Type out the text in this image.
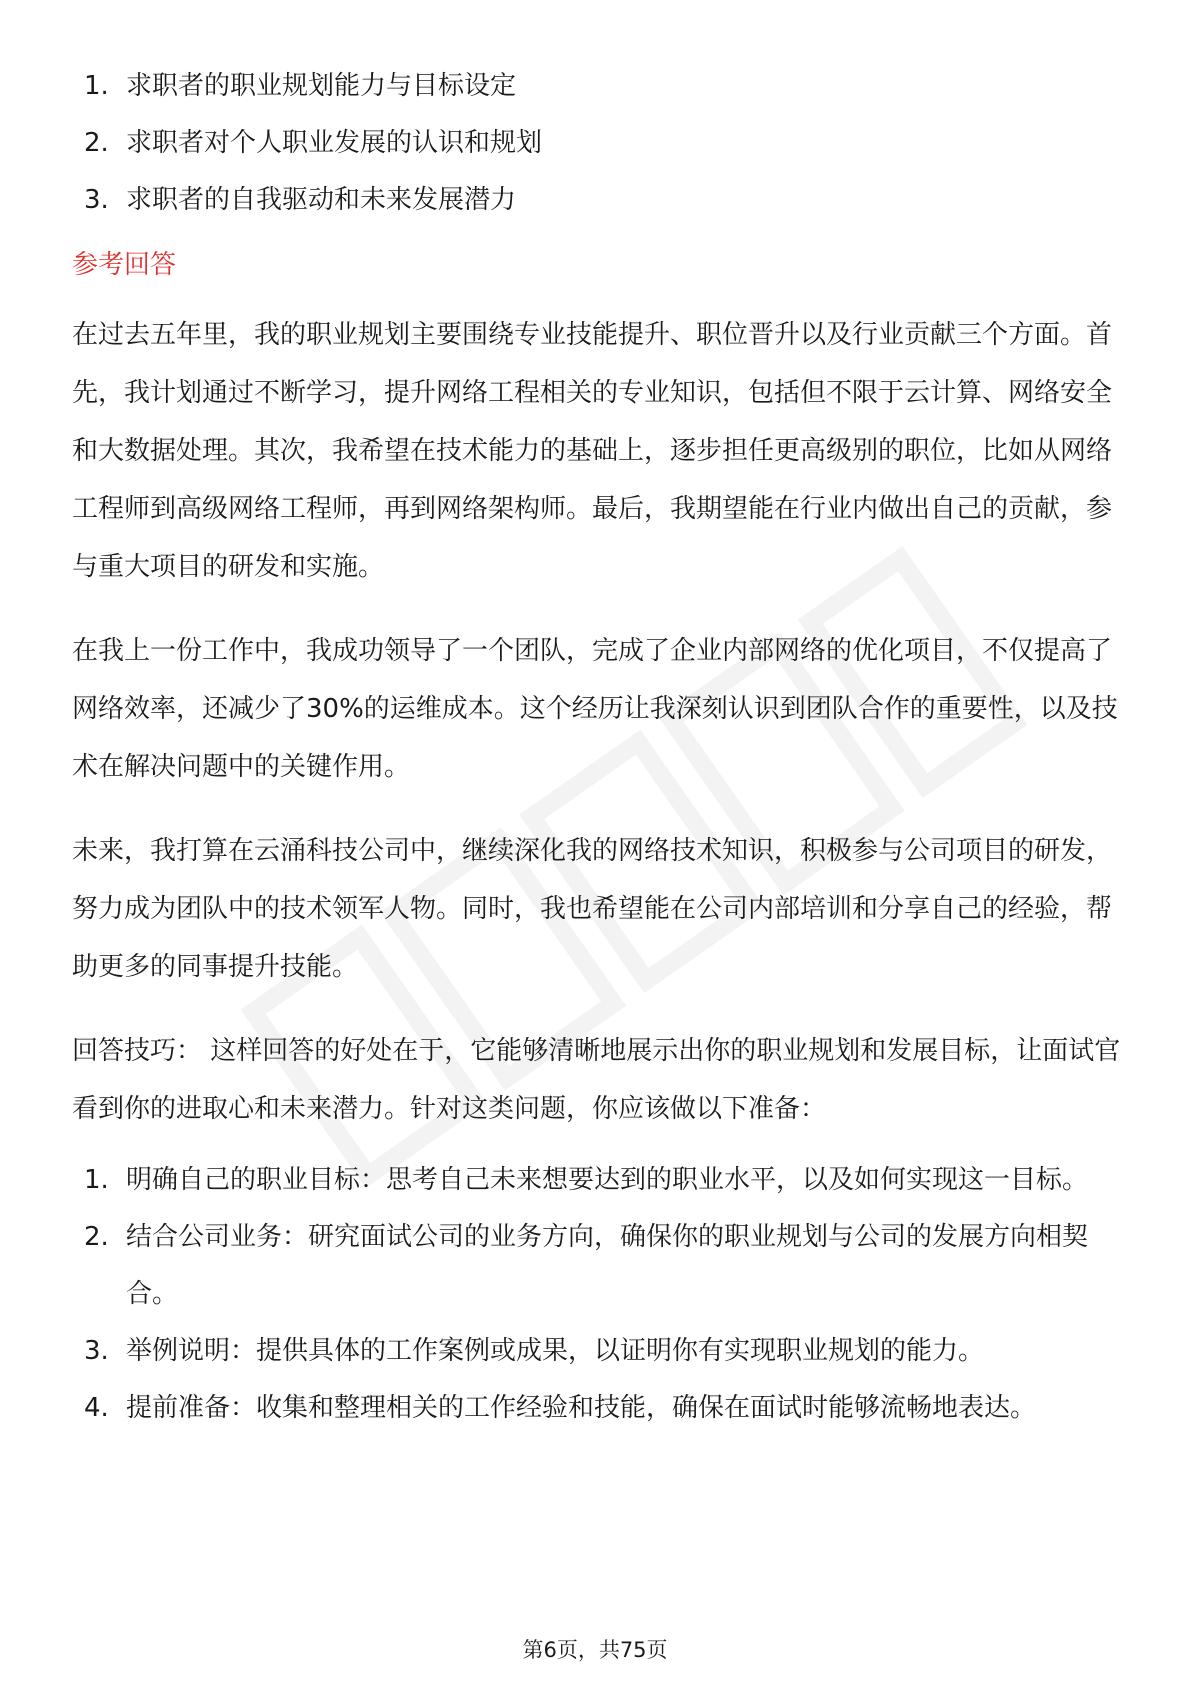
1. 求职者的职业规划能力与目标设定
2. 求职者对个人职业发展的认识和规划
3. 求职者的自我驱动和未来发展潜力
参考回答

在过去五年里，我的职业规划主要围绕专业技能提升、职位晋升以及行业贡献三个方面。首先，我计划通过不断学习，提升网络工程相关的专业知识，包括但不限于云计算、网络安全和大数据处理。其次，我希望在技术能力的基础上，逐步担任更高级别的职位，比如从网络工程师到高级网络工程师，再到网络架构师。最后，我期望能在行业内做出自己的贡献，参与重大项目的研发和实施。

在我上一份工作中，我成功领导了一个团队，完成了企业内部网络的优化项目，不仅提高了网络效率，还减少了30%的运维成本。这个经历让我深刻认识到团队合作的重要性，以及技术在解决问题中的关键作用。

未来，我打算在云涌科技公司中，继续深化我的网络技术知识，积极参与公司项目的研发，努力成为团队中的技术领军人物。同时，我也希望能在公司内部培训和分享自己的经验，帮助更多的同事提升技能。

回答技巧： 这样回答的好处在于，它能够清晰地展示出你的职业规划和发展目标，让面试官看到你的进取心和未来潜力。针对这类问题，你应该做以下准备：

1. 明确自己的职业目标：思考自己未来想要达到的职业水平，以及如何实现这一目标。
2. 结合公司业务：研究面试公司的业务方向，确保你的职业规划与公司的发展方向相契合。
3. 举例说明：提供具体的工作案例或成果，以证明你有实现职业规划的能力。
4. 提前准备：收集和整理相关的工作经验和技能，确保在面试时能够流畅地表达。
第6页，共75页
